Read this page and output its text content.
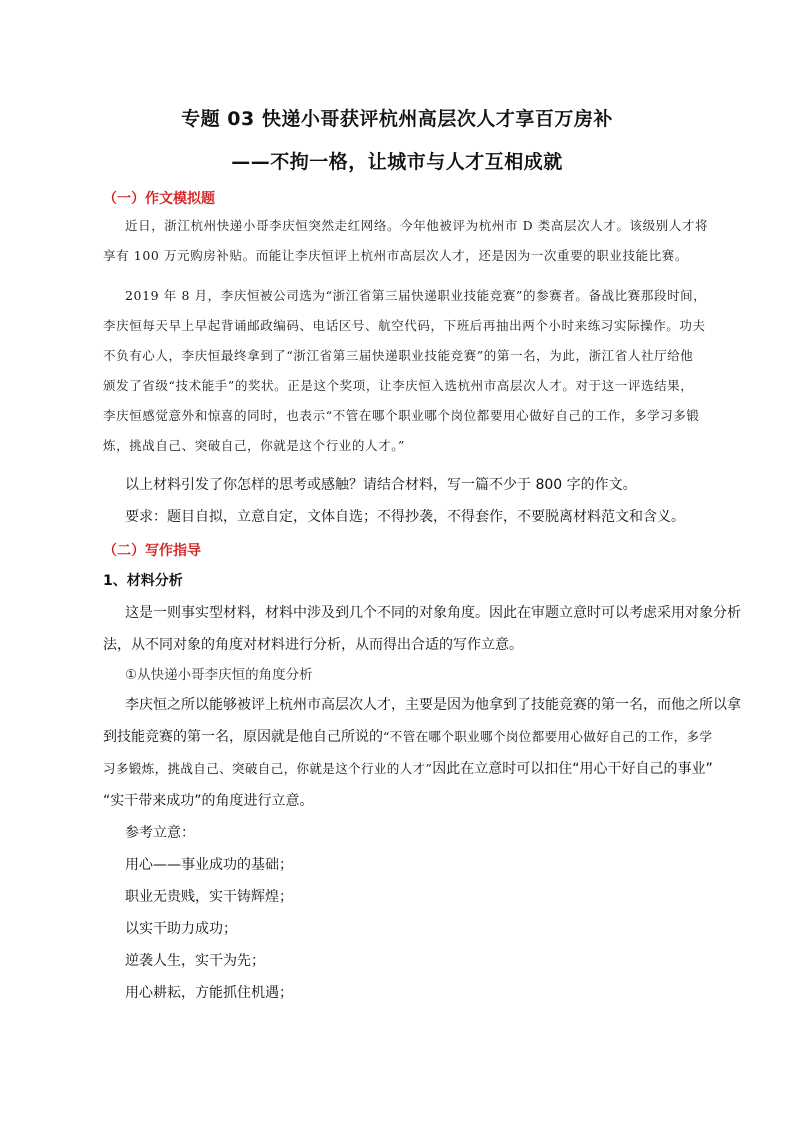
专题 03 快递小哥获评杭州高层次人才享百万房补
——不拘一格，让城市与人才互相成就
（一）作文模拟题
近日，浙江杭州快递小哥李庆恒突然走红网络。今年他被评为杭州市 D 类高层次人才。该级别人才将
享有 100 万元购房补贴。而能让李庆恒评上杭州市高层次人才，还是因为一次重要的职业技能比赛。
2019 年 8 月，李庆恒被公司选为“浙江省第三届快递职业技能竞赛”的参赛者。备战比赛那段时间，
李庆恒每天早上早起背诵邮政编码、电话区号、航空代码，下班后再抽出两个小时来练习实际操作。功夫
不负有心人，李庆恒最终拿到了“浙江省第三届快递职业技能竞赛”的第一名，为此，浙江省人社厅给他
颁发了省级“技术能手”的奖状。正是这个奖项，让李庆恒入选杭州市高层次人才。对于这一评选结果，
李庆恒感觉意外和惊喜的同时，也表示“不管在哪个职业哪个岗位都要用心做好自己的工作，多学习多锻
炼，挑战自己、突破自己，你就是这个行业的人才。”
以上材料引发了你怎样的思考或感触？请结合材料，写一篇不少于 800 字的作文。
要求：题目自拟，立意自定，文体自选；不得抄袭，不得套作，不要脱离材料范文和含义。
（二）写作指导
1、材料分析
这是一则事实型材料，材料中涉及到几个不同的对象角度。因此在审题立意时可以考虑采用对象分析
法，从不同对象的角度对材料进行分析，从而得出合适的写作立意。
①从快递小哥李庆恒的角度分析
李庆恒之所以能够被评上杭州市高层次人才，主要是因为他拿到了技能竞赛的第一名，而他之所以拿
到技能竞赛的第一名，原因就是他自己所说的“不管在哪个职业哪个岗位都要用心做好自己的工作，多学
习多锻炼，挑战自己、突破自己，你就是这个行业的人才”因此在立意时可以扣住“用心干好自己的事业”
“实干带来成功”的角度进行立意。
参考立意：
用心——事业成功的基础；
职业无贵贱，实干铸辉煌；
以实干助力成功；
逆袭人生，实干为先；
用心耕耘，方能抓住机遇；
